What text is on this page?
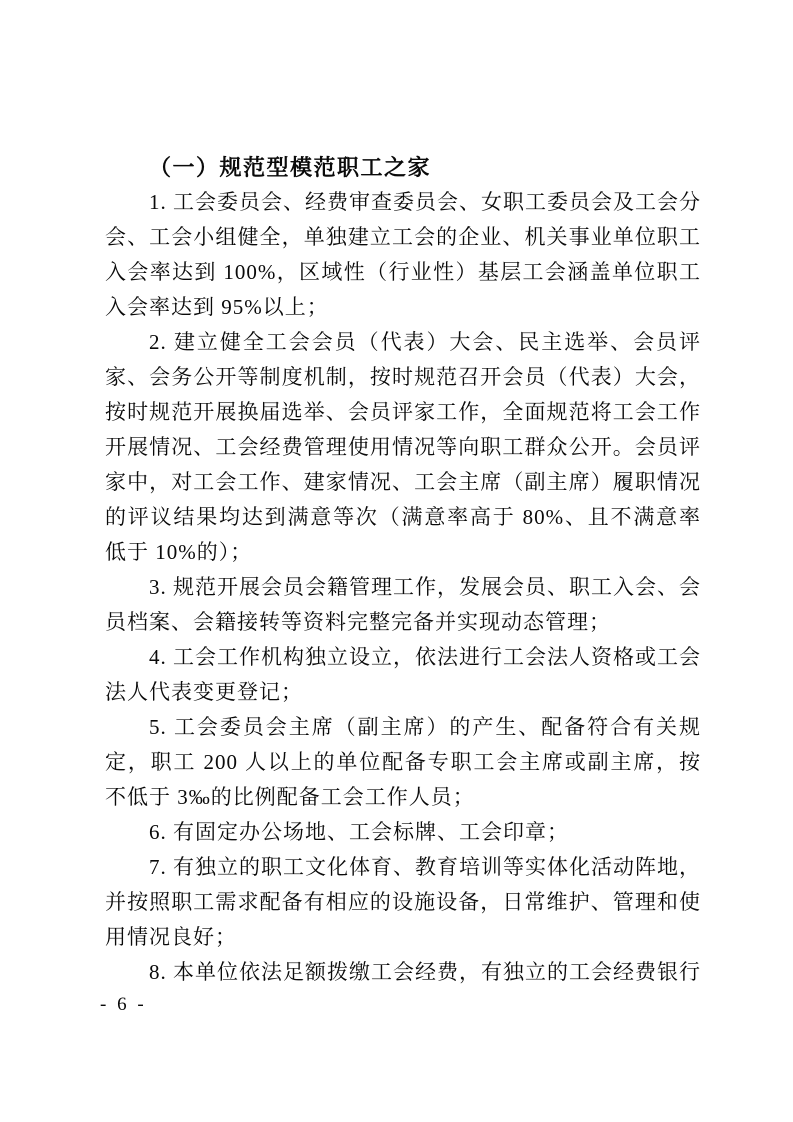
（一）规范型模范职工之家

1. 工会委员会、经费审查委员会、女职工委员会及工会分会、工会小组健全，单独建立工会的企业、机关事业单位职工入会率达到 100%，区域性（行业性）基层工会涵盖单位职工入会率达到 95%以上；

2. 建立健全工会会员（代表）大会、民主选举、会员评家、会务公开等制度机制，按时规范召开会员（代表）大会，按时规范开展换届选举、会员评家工作，全面规范将工会工作开展情况、工会经费管理使用情况等向职工群众公开。会员评家中，对工会工作、建家情况、工会主席（副主席）履职情况的评议结果均达到满意等次（满意率高于 80%、且不满意率低于 10%的）；

3. 规范开展会员会籍管理工作，发展会员、职工入会、会员档案、会籍接转等资料完整完备并实现动态管理；

4. 工会工作机构独立设立，依法进行工会法人资格或工会法人代表变更登记；

5. 工会委员会主席（副主席）的产生、配备符合有关规定，职工 200 人以上的单位配备专职工会主席或副主席，按不低于 3‰的比例配备工会工作人员；

6. 有固定办公场地、工会标牌、工会印章；

7. 有独立的职工文化体育、教育培训等实体化活动阵地，并按照职工需求配备有相应的设施设备，日常维护、管理和使用情况良好；

8. 本单位依法足额拨缴工会经费，有独立的工会经费银行

- 6 -
